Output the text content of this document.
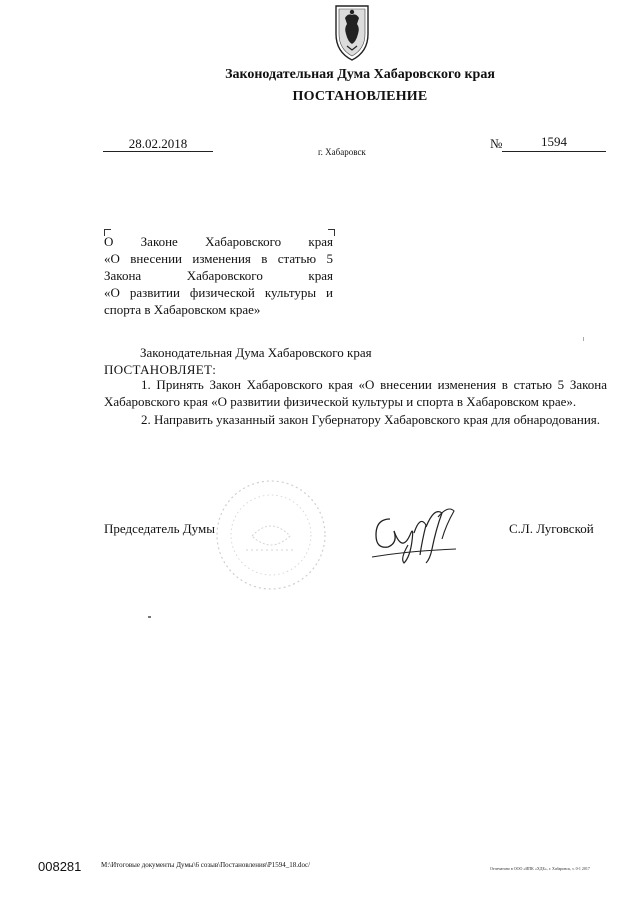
Законодательная Дума Хабаровского края
ПОСТАНОВЛЕНИЕ
28.02.2018
г. Хабаровск
№	1594
О Законе Хабаровского края
«О внесении изменения в статью 5
Закона Хабаровского края
«О развитии физической культуры и
спорта в Хабаровском крае»
Законодательная Дума Хабаровского края
ПОСТАНОВЛЯЕТ:

1. Принять Закон Хабаровского края «О внесении изменения в статью 5 Закона Хабаровского края «О развитии физической культуры и спорта в Хабаровском крае».

2. Направить указанный закон Губернатору Хабаровского края для обнародования.

Председатель Думы	С.Л. Луговской
008281	М:\Итоговые документы Думы\6 созыв\Постановления\Р1594_18.doc/	Отпечатано в ООО «ИПК «ХДБ», г. Хабаровск, з. 0-1 2017
